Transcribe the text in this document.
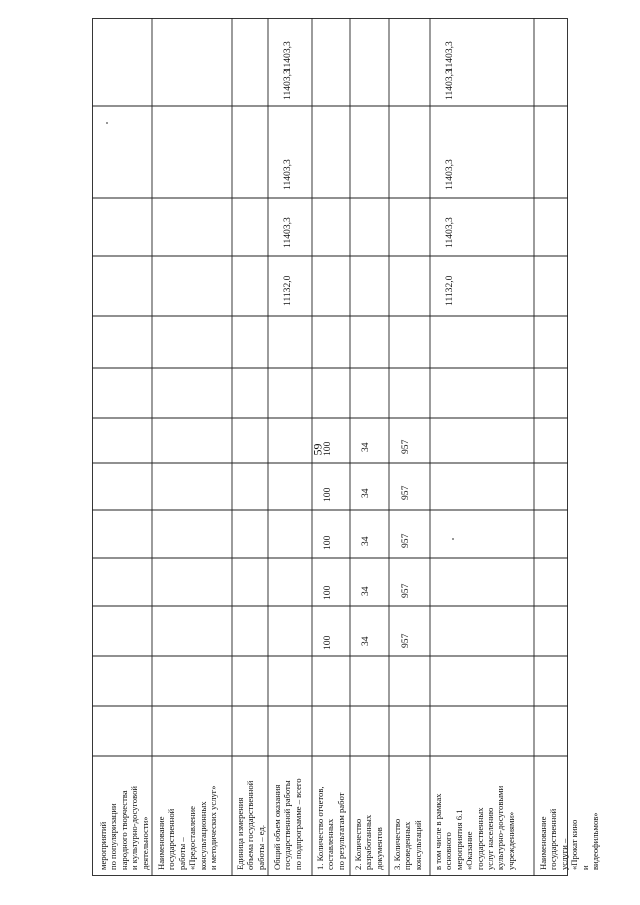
59
мероприятий
по популяризации
народного творчества
и культурно-досуговой
деятельности» Наименование
государственной
работы –
«Предоставление
консультационных
и методических услуг»
Единица измерения
объема государственной
работы – ед.
Общий объем оказания
государственной работы
по подпрограмме – всего
1. Количество отчетов,
составленных
по результатам работ
2. Количество
разработанных
документов 3. Количество
проведенных
консультаций в том числе в рамках
основного
мероприятия 6.1
«Оказание
государственных
услуг населению
культурно-досуговыми
учреждениями»	Наименование
государственной
услуги – «Прокат кино
и видеофильмов»
11132,0
11403,3
11403,3
11403,3
11403,3
100
100
100
100
100
34
34
34
34
34
957
957
957
957
957
11132,0
11403,3
11403,3
11403,3
11403,3
